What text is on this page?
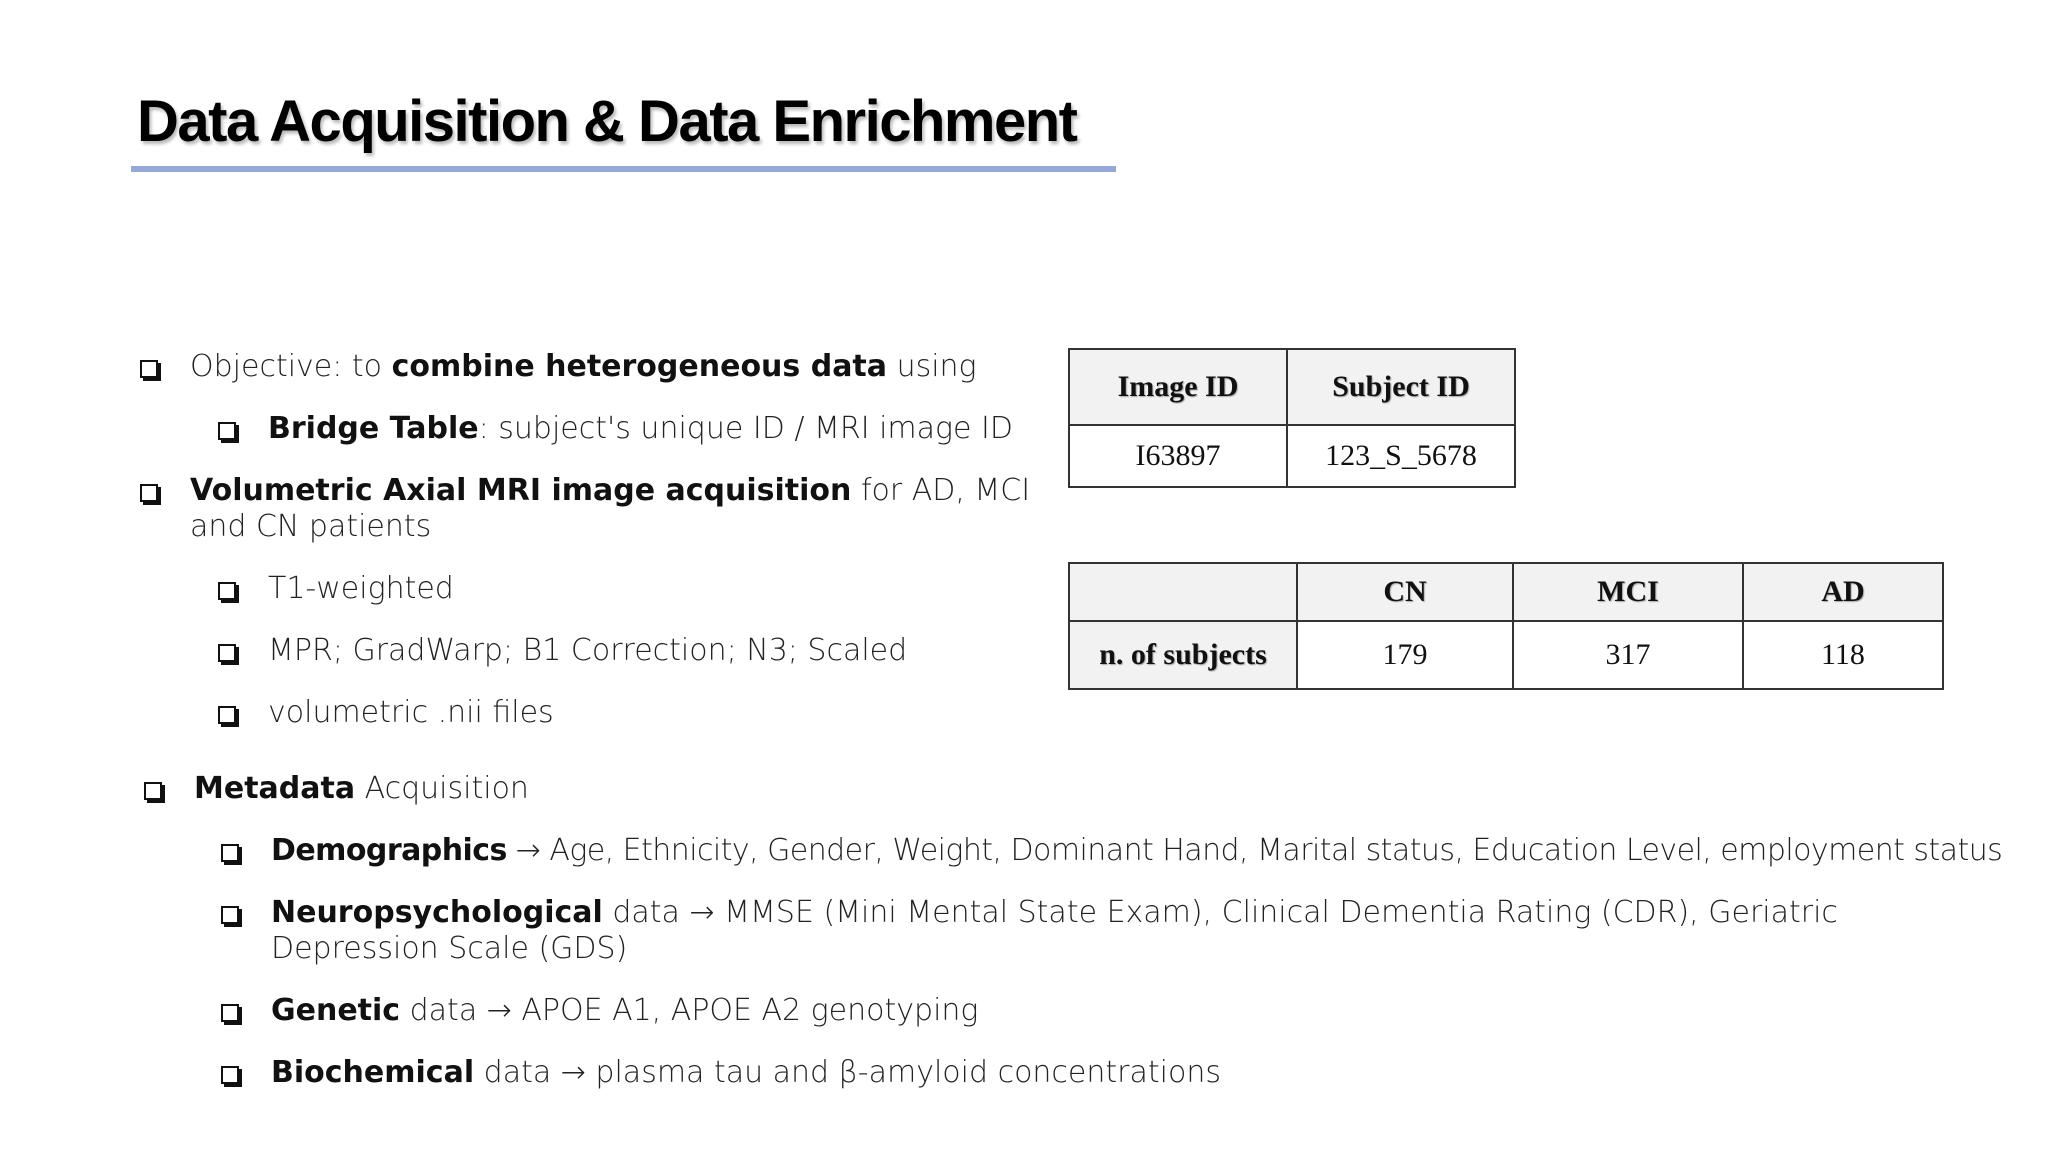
Data Acquisition & Data Enrichment
Objective: to combine heterogeneous data using
Bridge Table: subject's unique ID / MRI image ID
Volumetric Axial MRI image acquisition for AD, MCI and CN patients
T1-weighted
MPR; GradWarp; B1 Correction; N3; Scaled
volumetric .nii files
Metadata Acquisition
Demographics → Age, Ethnicity, Gender, Weight, Dominant Hand, Marital status, Education Level, employment status
Neuropsychological data → MMSE (Mini Mental State Exam), Clinical Dementia Rating (CDR), Geriatric Depression Scale (GDS)
Genetic data → APOE A1, APOE A2 genotyping
Biochemical data → plasma tau and β-amyloid concentrations
Image ID	Subject ID
I63897	123_S_5678
	CN	MCI	AD
n. of subjects	179	317	118
